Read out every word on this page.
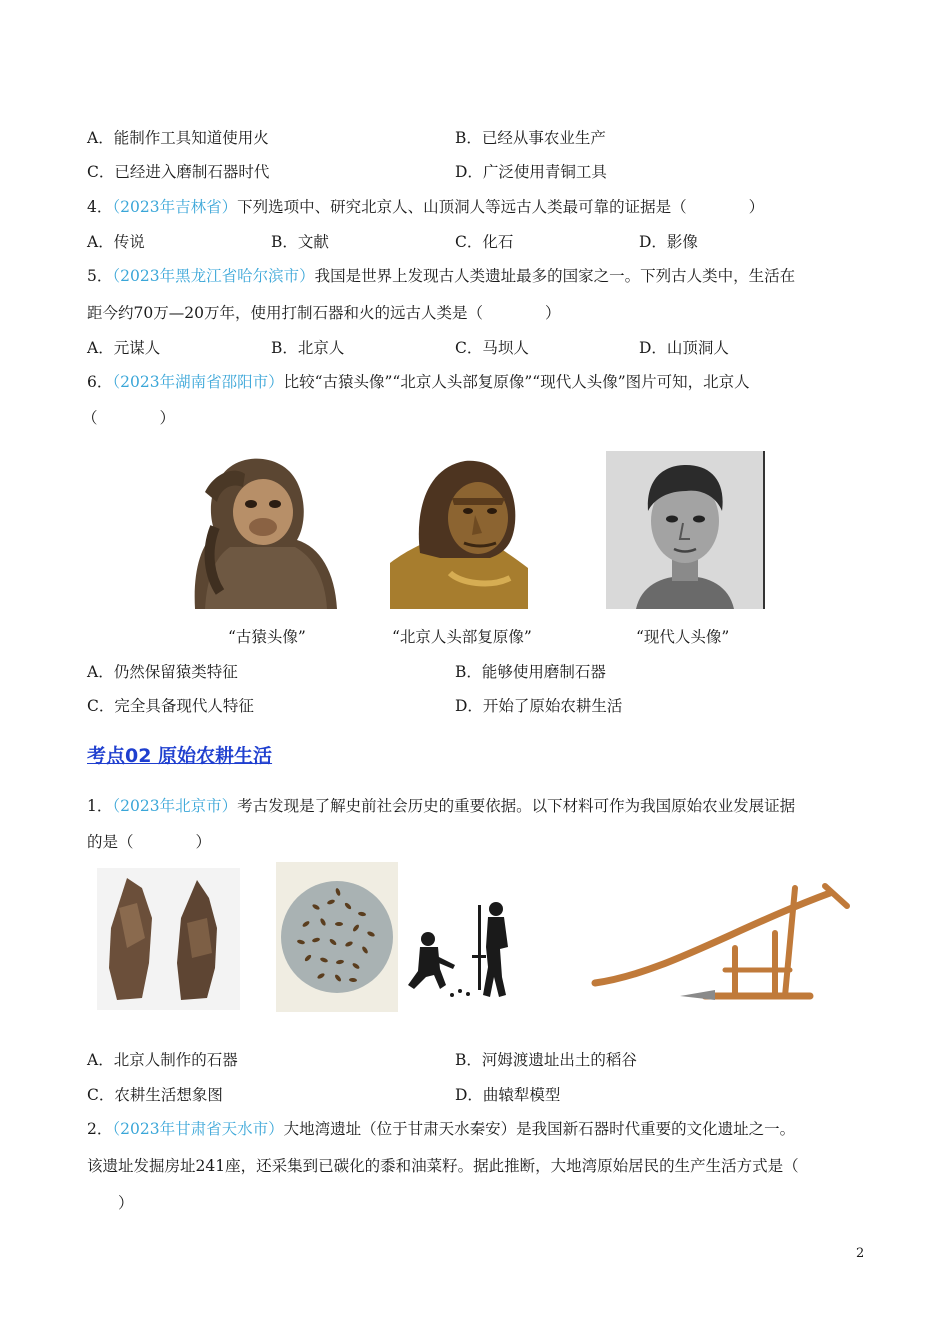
A．能制作工具知道使用火	B．已经从事农业生产
C．已经进入磨制石器时代	D．广泛使用青铜工具
4．（2023年吉林省）下列选项中、研究北京人、山顶洞人等远古人类最可靠的证据是（　　　　）
A．传说	B．文献	C．化石	D．影像
5．（2023年黑龙江省哈尔滨市）我国是世界上发现古人类遗址最多的国家之一。下列古人类中，生活在
距今约70万—20万年，使用打制石器和火的远古人类是（　　　　）
A．元谋人	B．北京人	C．马坝人	D．山顶洞人
6．（2023年湖南省邵阳市）比较“古猿头像”“北京人头部复原像”“现代人头像”图片可知，北京人
（　　　　）
“古猿头像”	“北京人头部复原像”	“现代人头像”
A．仍然保留猿类特征	B．能够使用磨制石器
C．完全具备现代人特征	D．开始了原始农耕生活
考点02 原始农耕生活
1．（2023年北京市）考古发现是了解史前社会历史的重要依据。以下材料可作为我国原始农业发展证据
的是（　　　　）
A．北京人制作的石器	B．河姆渡遗址出土的稻谷
C．农耕生活想象图	D．曲辕犁模型
2．（2023年甘肃省天水市）大地湾遗址（位于甘肃天水秦安）是我国新石器时代重要的文化遗址之一。
该遗址发掘房址241座，还采集到已碳化的黍和油菜籽。据此推断，大地湾原始居民的生产生活方式是（
　　）
2
